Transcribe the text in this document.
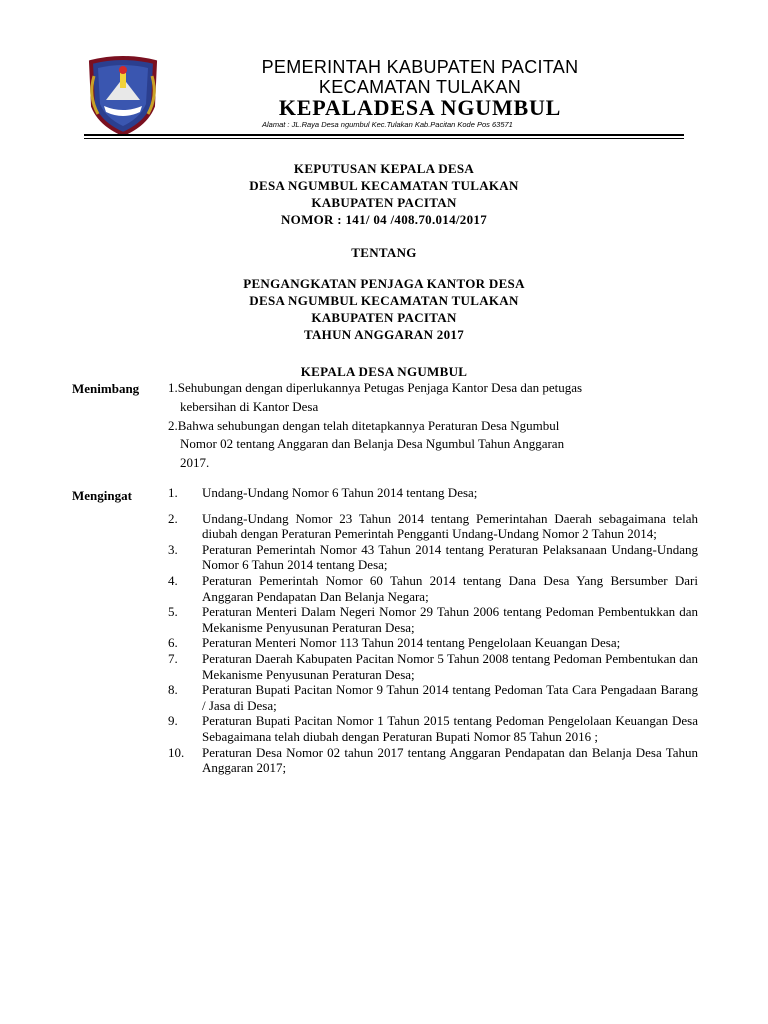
PEMERINTAH KABUPATEN PACITAN
KECAMATAN TULAKAN
KEPALADESA NGUMBUL
Alamat : JL.Raya Desa ngumbul Kec.Tulakan Kab.Pacitan Kode Pos 63571
KEPUTUSAN KEPALA DESA
DESA NGUMBUL KECAMATAN TULAKAN
KABUPATEN PACITAN
NOMOR : 141/ 04 /408.70.014/2017
TENTANG
PENGANGKATAN PENJAGA KANTOR DESA
DESA NGUMBUL KECAMATAN TULAKAN
KABUPATEN PACITAN
TAHUN ANGGARAN 2017
KEPALA DESA NGUMBUL
Menimbang 1.Sehubungan dengan diperlukannya Petugas Penjaga Kantor Desa dan petugas
kebersihan di Kantor Desa
2.Bahwa sehubungan dengan telah ditetapkannya Peraturan Desa Ngumbul
Nomor 02 tentang Anggaran dan Belanja Desa Ngumbul Tahun Anggaran
2017.
Mengingat	1.	Undang-Undang Nomor 6 Tahun 2014 tentang Desa;
2.	Undang-Undang Nomor 23 Tahun 2014 tentang Pemerintahan Daerah sebagaimana telah diubah dengan Peraturan Pemerintah Pengganti Undang-Undang Nomor 2 Tahun 2014;
3.	Peraturan Pemerintah Nomor 43 Tahun 2014 tentang Peraturan Pelaksanaan Undang-Undang Nomor 6 Tahun 2014 tentang Desa;
4.	Peraturan Pemerintah Nomor 60 Tahun 2014 tentang Dana Desa Yang Bersumber Dari Anggaran Pendapatan Dan Belanja Negara;
5.	Peraturan Menteri Dalam Negeri Nomor 29 Tahun 2006 tentang Pedoman Pembentukkan dan Mekanisme Penyusunan Peraturan Desa;
6.	Peraturan Menteri Nomor 113 Tahun 2014 tentang Pengelolaan Keuangan Desa;
7.	Peraturan Daerah Kabupaten Pacitan Nomor 5 Tahun 2008 tentang Pedoman Pembentukan dan Mekanisme Penyusunan Peraturan Desa;
8.	Peraturan Bupati Pacitan Nomor 9 Tahun 2014 tentang Pedoman Tata Cara Pengadaan Barang / Jasa di Desa;
9.	Peraturan Bupati Pacitan Nomor 1 Tahun 2015 tentang Pedoman Pengelolaan Keuangan Desa Sebagaimana telah diubah dengan Peraturan Bupati Nomor 85 Tahun 2016 ;
10.	Peraturan Desa Nomor 02 tahun 2017 tentang Anggaran Pendapatan dan Belanja Desa Tahun Anggaran 2017;
